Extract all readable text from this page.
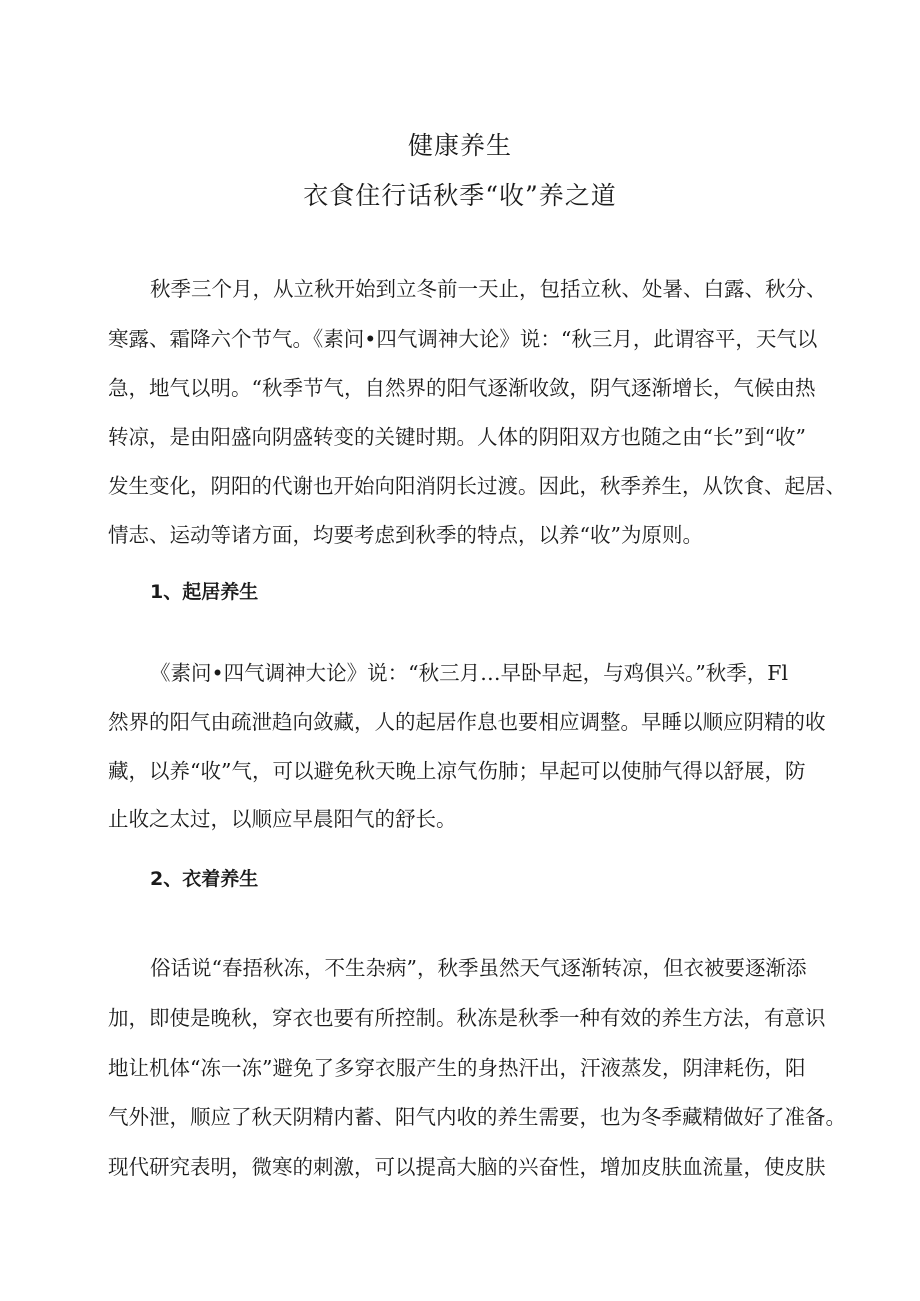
健康养生
衣食住行话秋季“收”养之道
秋季三个月，从立秋开始到立冬前一天止，包括立秋、处暑、白露、秋分、
寒露、霜降六个节气。《素问•四气调神大论》说：“秋三月，此谓容平，天气以
急，地气以明。“秋季节气，自然界的阳气逐渐收敛，阴气逐渐增长，气候由热
转凉，是由阳盛向阴盛转变的关键时期。人体的阴阳双方也随之由“长”到“收”
发生变化，阴阳的代谢也开始向阳消阴长过渡。因此，秋季养生，从饮食、起居、
情志、运动等诸方面，均要考虑到秋季的特点，以养“收”为原则。
1、起居养生
《素问•四气调神大论》说：“秋三月…早卧早起，与鸡俱兴。”秋季，Fl
然界的阳气由疏泄趋向敛藏，人的起居作息也要相应调整。早睡以顺应阴精的收
藏，以养“收”气，可以避免秋天晚上凉气伤肺；早起可以使肺气得以舒展，防
止收之太过，以顺应早晨阳气的舒长。
2、衣着养生
俗话说“春捂秋冻，不生杂病”，秋季虽然天气逐渐转凉，但衣被要逐渐添
加，即使是晚秋，穿衣也要有所控制。秋冻是秋季一种有效的养生方法，有意识
地让机体“冻一冻”避免了多穿衣服产生的身热汗出，汗液蒸发，阴津耗伤，阳
气外泄，顺应了秋天阴精内蓄、阳气内收的养生需要，也为冬季藏精做好了准备。
现代研究表明，微寒的刺激，可以提高大脑的兴奋性，增加皮肤血流量，使皮肤
